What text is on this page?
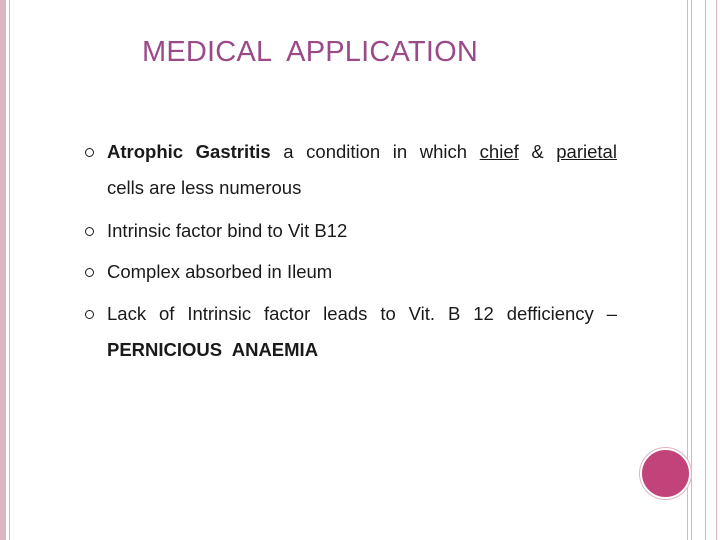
MEDICAL  APPLICATION
Atrophic Gastritis a condition in which chief & parietal
cells are less numerous
Intrinsic factor bind to Vit B12
Complex absorbed in Ileum
Lack of Intrinsic factor leads to Vit. B 12 defficiency –
PERNICIOUS  ANAEMIA
